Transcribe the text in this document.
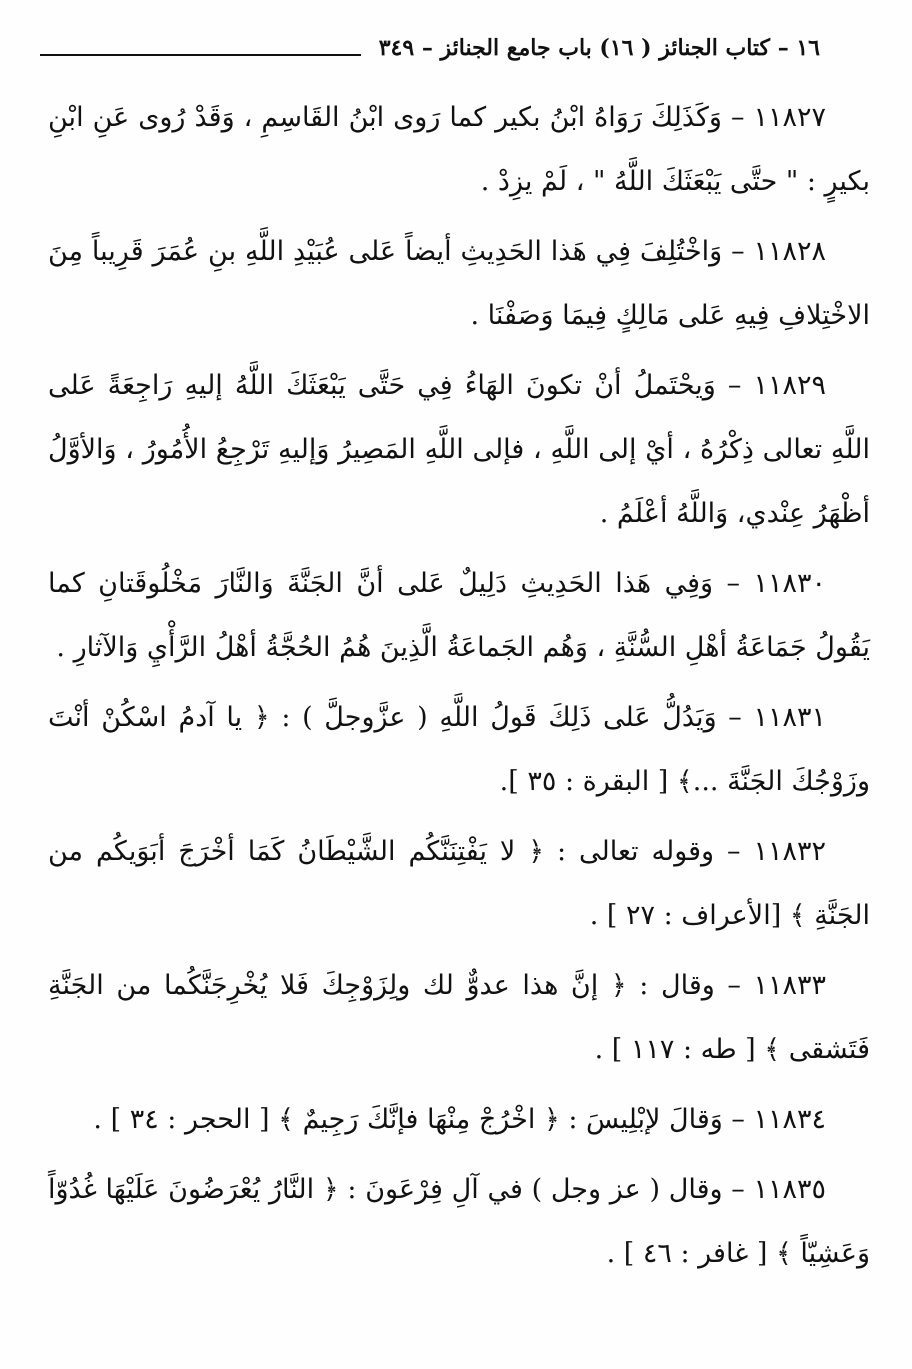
١٦ – كتاب الجنائز ( ١٦) باب جامع الجنائز – ٣٤٩

١١٨٢٧ – وَكَذَلِكَ رَوَاهُ ابْنُ بكير كما رَوى ابْنُ القَاسِمِ ، وَقَدْ رُوى عَنِ ابْنِ بكيرٍ : " حتَّى يَبْعَثَكَ اللَّهُ " ، لَمْ يزِدْ .

١١٨٢٨ – وَاخْتُلِفَ فِي هَذا الحَدِيثِ أيضاً عَلى عُبَيْدِ اللَّهِ بنِ عُمَرَ قَرِيباً مِنَ الاخْتِلافِ فِيهِ عَلى مَالِكٍ فِيمَا وَصَفْنَا .

١١٨٢٩ – وَيحْتَملُ أنْ تكونَ الهَاءُ فِي حَتَّى يَبْعَثَكَ اللَّهُ إليهِ رَاجِعَةً عَلى اللَّهِ تعالى ذِكْرُهُ ، أيْ إلى اللَّهِ ، فإلى اللَّهِ المَصِيرُ وَإليهِ تَرْجِعُ الأُمُورُ ، وَالأوَّلُ أظْهَرُ عِنْدي، وَاللَّهُ أعْلَمُ .

١١٨٣٠ – وَفِي هَذا الحَدِيثِ دَلِيلٌ عَلى أنَّ الجَنَّةَ وَالنَّارَ مَخْلُوقَتانِ كما يَقُولُ جَمَاعَةُ أهْلِ السُّنَّةِ ، وَهُم الجَماعَةُ الَّذِينَ هُمُ الحُجَّةُ أهْلُ الرَّأْيِ وَالآثارِ .

١١٨٣١ – وَيَدُلُّ عَلى ذَلِكَ قَولُ اللَّهِ ( عزَّوجلَّ ) : ﴿ يا آدمُ اسْكُنْ أنْتَ وزَوْجُكَ الجَنَّةَ ...﴾ [ البقرة : ٣٥ ].

١١٨٣٢ – وقوله تعالى : ﴿ لا يَفْتِنَنَّكُم الشَّيْطَانُ كَمَا أخْرَجَ أبَوَيكُم من الجَنَّةِ ﴾ [الأعراف : ٢٧ ] .

١١٨٣٣ – وقال : ﴿ إنَّ هذا عدوٌّ لك ولِزَوْجِكَ فَلا يُخْرِجَنَّكُما من الجَنَّةِ فَتَشقى ﴾ [ طه : ١١٧ ] .

١١٨٣٤ – وَقالَ لإبْلِيسَ : ﴿ اخْرُجْ مِنْهَا فإنَّكَ رَجِيمٌ ﴾ [ الحجر : ٣٤ ] .

١١٨٣٥ – وقال ( عز وجل ) في آلِ فِرْعَونَ : ﴿ النَّارُ يُعْرَضُونَ عَلَيْهَا غُدُوّاً وَعَشِيّاً ﴾ [ غافر : ٤٦ ] .
